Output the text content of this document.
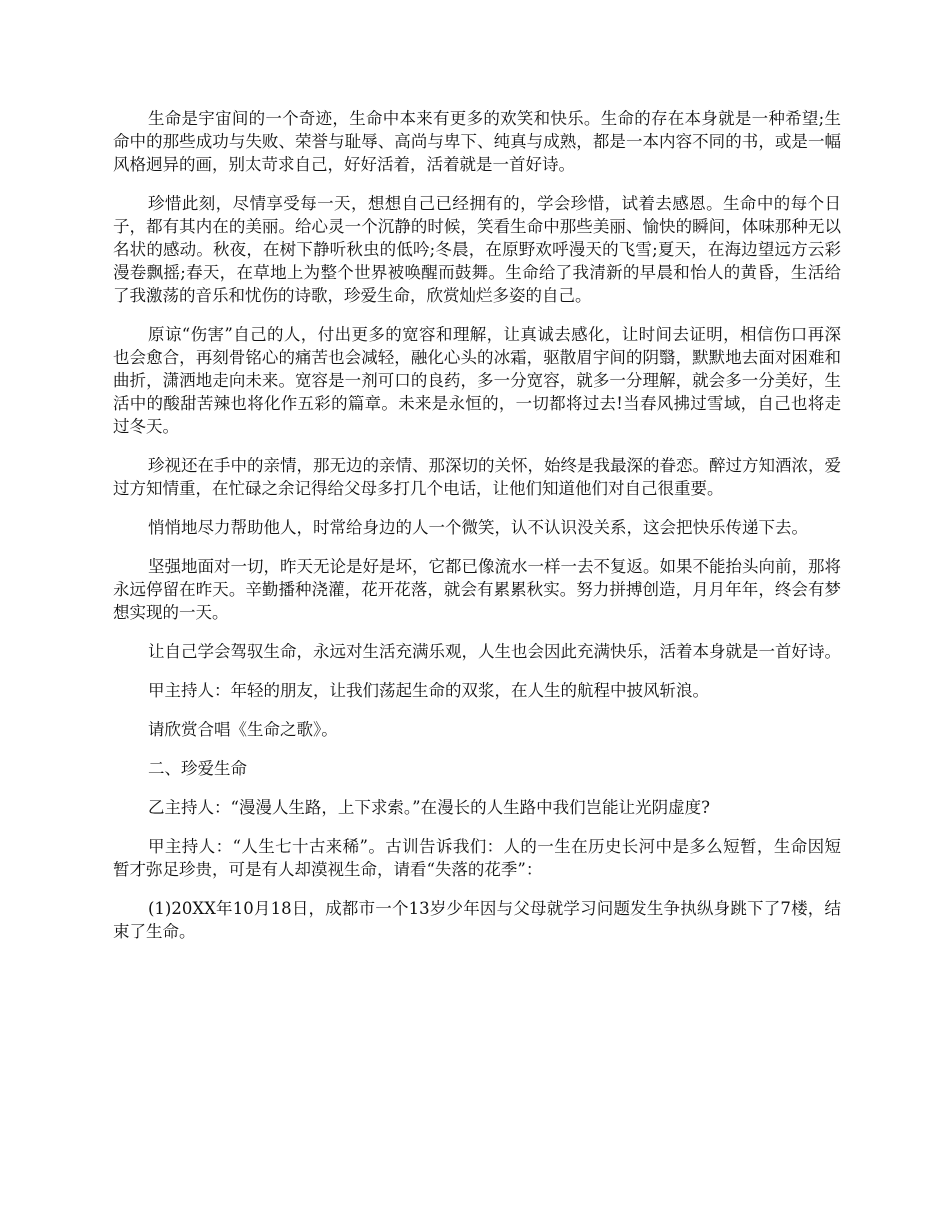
生命是宇宙间的一个奇迹，生命中本来有更多的欢笑和快乐。生命的存在本身就是一种希望;生命中的那些成功与失败、荣誉与耻辱、高尚与卑下、纯真与成熟，都是一本内容不同的书，或是一幅风格迥异的画，别太苛求自己，好好活着，活着就是一首好诗。

珍惜此刻，尽情享受每一天，想想自己已经拥有的，学会珍惜，试着去感恩。生命中的每个日子，都有其内在的美丽。给心灵一个沉静的时候，笑看生命中那些美丽、愉快的瞬间，体味那种无以名状的感动。秋夜，在树下静听秋虫的低吟;冬晨，在原野欢呼漫天的飞雪;夏天，在海边望远方云彩漫卷飘摇;春天，在草地上为整个世界被唤醒而鼓舞。生命给了我清新的早晨和怡人的黄昏，生活给了我激荡的音乐和忧伤的诗歌，珍爱生命，欣赏灿烂多姿的自己。

原谅“伤害”自己的人，付出更多的宽容和理解，让真诚去感化，让时间去证明，相信伤口再深也会愈合，再刻骨铭心的痛苦也会减轻，融化心头的冰霜，驱散眉宇间的阴翳，默默地去面对困难和曲折，潇洒地走向未来。宽容是一剂可口的良药，多一分宽容，就多一分理解，就会多一分美好，生活中的酸甜苦辣也将化作五彩的篇章。未来是永恒的，一切都将过去!当春风拂过雪域，自己也将走过冬天。

珍视还在手中的亲情，那无边的亲情、那深切的关怀，始终是我最深的眷恋。醉过方知酒浓，爱过方知情重，在忙碌之余记得给父母多打几个电话，让他们知道他们对自己很重要。

悄悄地尽力帮助他人，时常给身边的人一个微笑，认不认识没关系，这会把快乐传递下去。

坚强地面对一切，昨天无论是好是坏，它都已像流水一样一去不复返。如果不能抬头向前，那将永远停留在昨天。辛勤播种浇灌，花开花落，就会有累累秋实。努力拼搏创造，月月年年，终会有梦想实现的一天。

让自己学会驾驭生命，永远对生活充满乐观，人生也会因此充满快乐，活着本身就是一首好诗。

甲主持人：年轻的朋友，让我们荡起生命的双浆，在人生的航程中披风斩浪。

请欣赏合唱《生命之歌》。

二、珍爱生命

乙主持人：“漫漫人生路，上下求索。”在漫长的人生路中我们岂能让光阴虚度?

甲主持人：“人生七十古来稀”。古训告诉我们：人的一生在历史长河中是多么短暂，生命因短暂才弥足珍贵，可是有人却漠视生命，请看“失落的花季”：

(1)20XX年10月18日，成都市一个13岁少年因与父母就学习问题发生争执纵身跳下了7楼，结束了生命。
